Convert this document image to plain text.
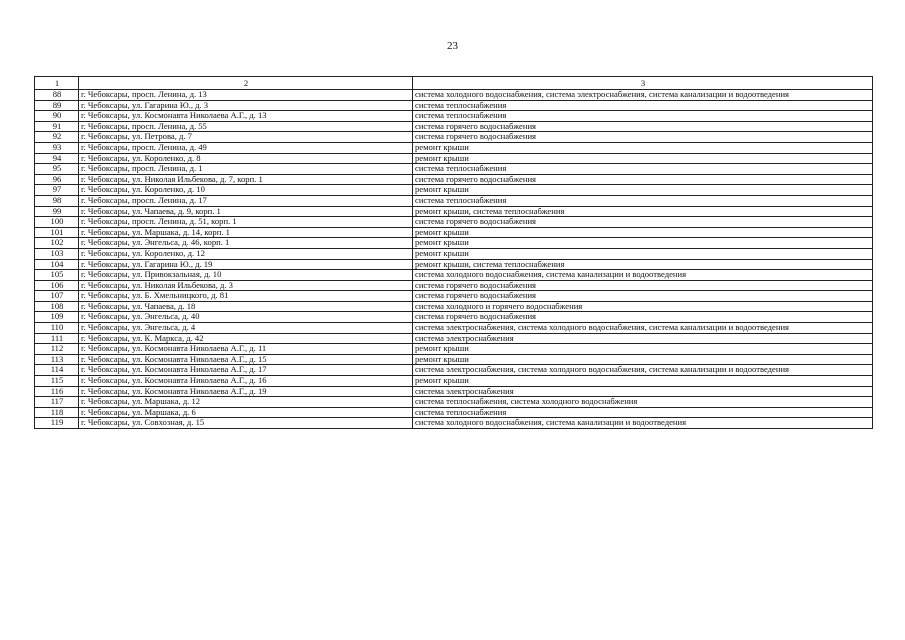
23
1	2	3
88	г. Чебоксары, просп. Ленина, д. 13	система холодного водоснабжения, система электроснабжения, система канализации и водоотведения
89	г. Чебоксары, ул. Гагарина Ю., д. 3	система теплоснабжения
90	г. Чебоксары, ул. Космонавта Николаева А.Г., д. 13	система теплоснабжения
91	г. Чебоксары, просп. Ленина, д. 55	система горячего водоснабжения
92	г. Чебоксары, ул. Петрова, д. 7	система горячего водоснабжения
93	г. Чебоксары, просп. Ленина, д. 49	ремонт крыши
94	г. Чебоксары, ул. Короленко, д. 8	ремонт крыши
95	г. Чебоксары, просп. Ленина, д. 1	система теплоснабжения
96	г. Чебоксары, ул. Николая Ильбекова, д. 7, корп. 1	система горячего водоснабжения
97	г. Чебоксары, ул. Короленко, д. 10	ремонт крыши
98	г. Чебоксары, просп. Ленина, д. 17	система теплоснабжения
99	г. Чебоксары, ул. Чапаева, д. 9, корп. 1	ремонт крыши, система теплоснабжения
100	г. Чебоксары, просп. Ленина, д. 51, корп. 1	система горячего водоснабжения
101	г. Чебоксары, ул. Маршака, д. 14, корп. 1	ремонт крыши
102	г. Чебоксары, ул. Энгельса, д. 46, корп. 1	ремонт крыши
103	г. Чебоксары, ул. Короленко, д. 12	ремонт крыши
104	г. Чебоксары, ул. Гагарина Ю., д. 19	ремонт крыши, система теплоснабжения
105	г. Чебоксары, ул. Привокзальная, д. 10	система холодного водоснабжения, система канализации и водоотведения
106	г. Чебоксары, ул. Николая Ильбекова, д. 3	система горячего водоснабжения
107	г. Чебоксары, ул. Б. Хмельницкого, д. 81	система горячего водоснабжения
108	г. Чебоксары, ул. Чапаева, д. 18	система холодного и горячего водоснабжения
109	г. Чебоксары, ул. Энгельса, д. 40	система горячего водоснабжения
110	г. Чебоксары, ул. Энгельса, д. 4	система электроснабжения, система холодного водоснабжения, система канализации и водоотведения
111	г. Чебоксары, ул. К. Маркса, д. 42	система электроснабжения
112	г. Чебоксары, ул. Космонавта Николаева А.Г., д. 11	ремонт крыши
113	г. Чебоксары, ул. Космонавта Николаева А.Г., д. 15	ремонт крыши
114	г. Чебоксары, ул. Космонавта Николаева А.Г., д. 17	система электроснабжения, система холодного водоснабжения, система канализации и водоотведения
115	г. Чебоксары, ул. Космонавта Николаева А.Г., д. 16	ремонт крыши
116	г. Чебоксары, ул. Космонавта Николаева А.Г., д. 19	система электроснабжения
117	г. Чебоксары, ул. Маршака, д. 12	система теплоснабжения, система холодного водоснабжения
118	г. Чебоксары, ул. Маршака, д. 6	система теплоснабжения
119	г. Чебоксары, ул. Совхозная, д. 15	система холодного водоснабжения, система канализации и водоотведения
